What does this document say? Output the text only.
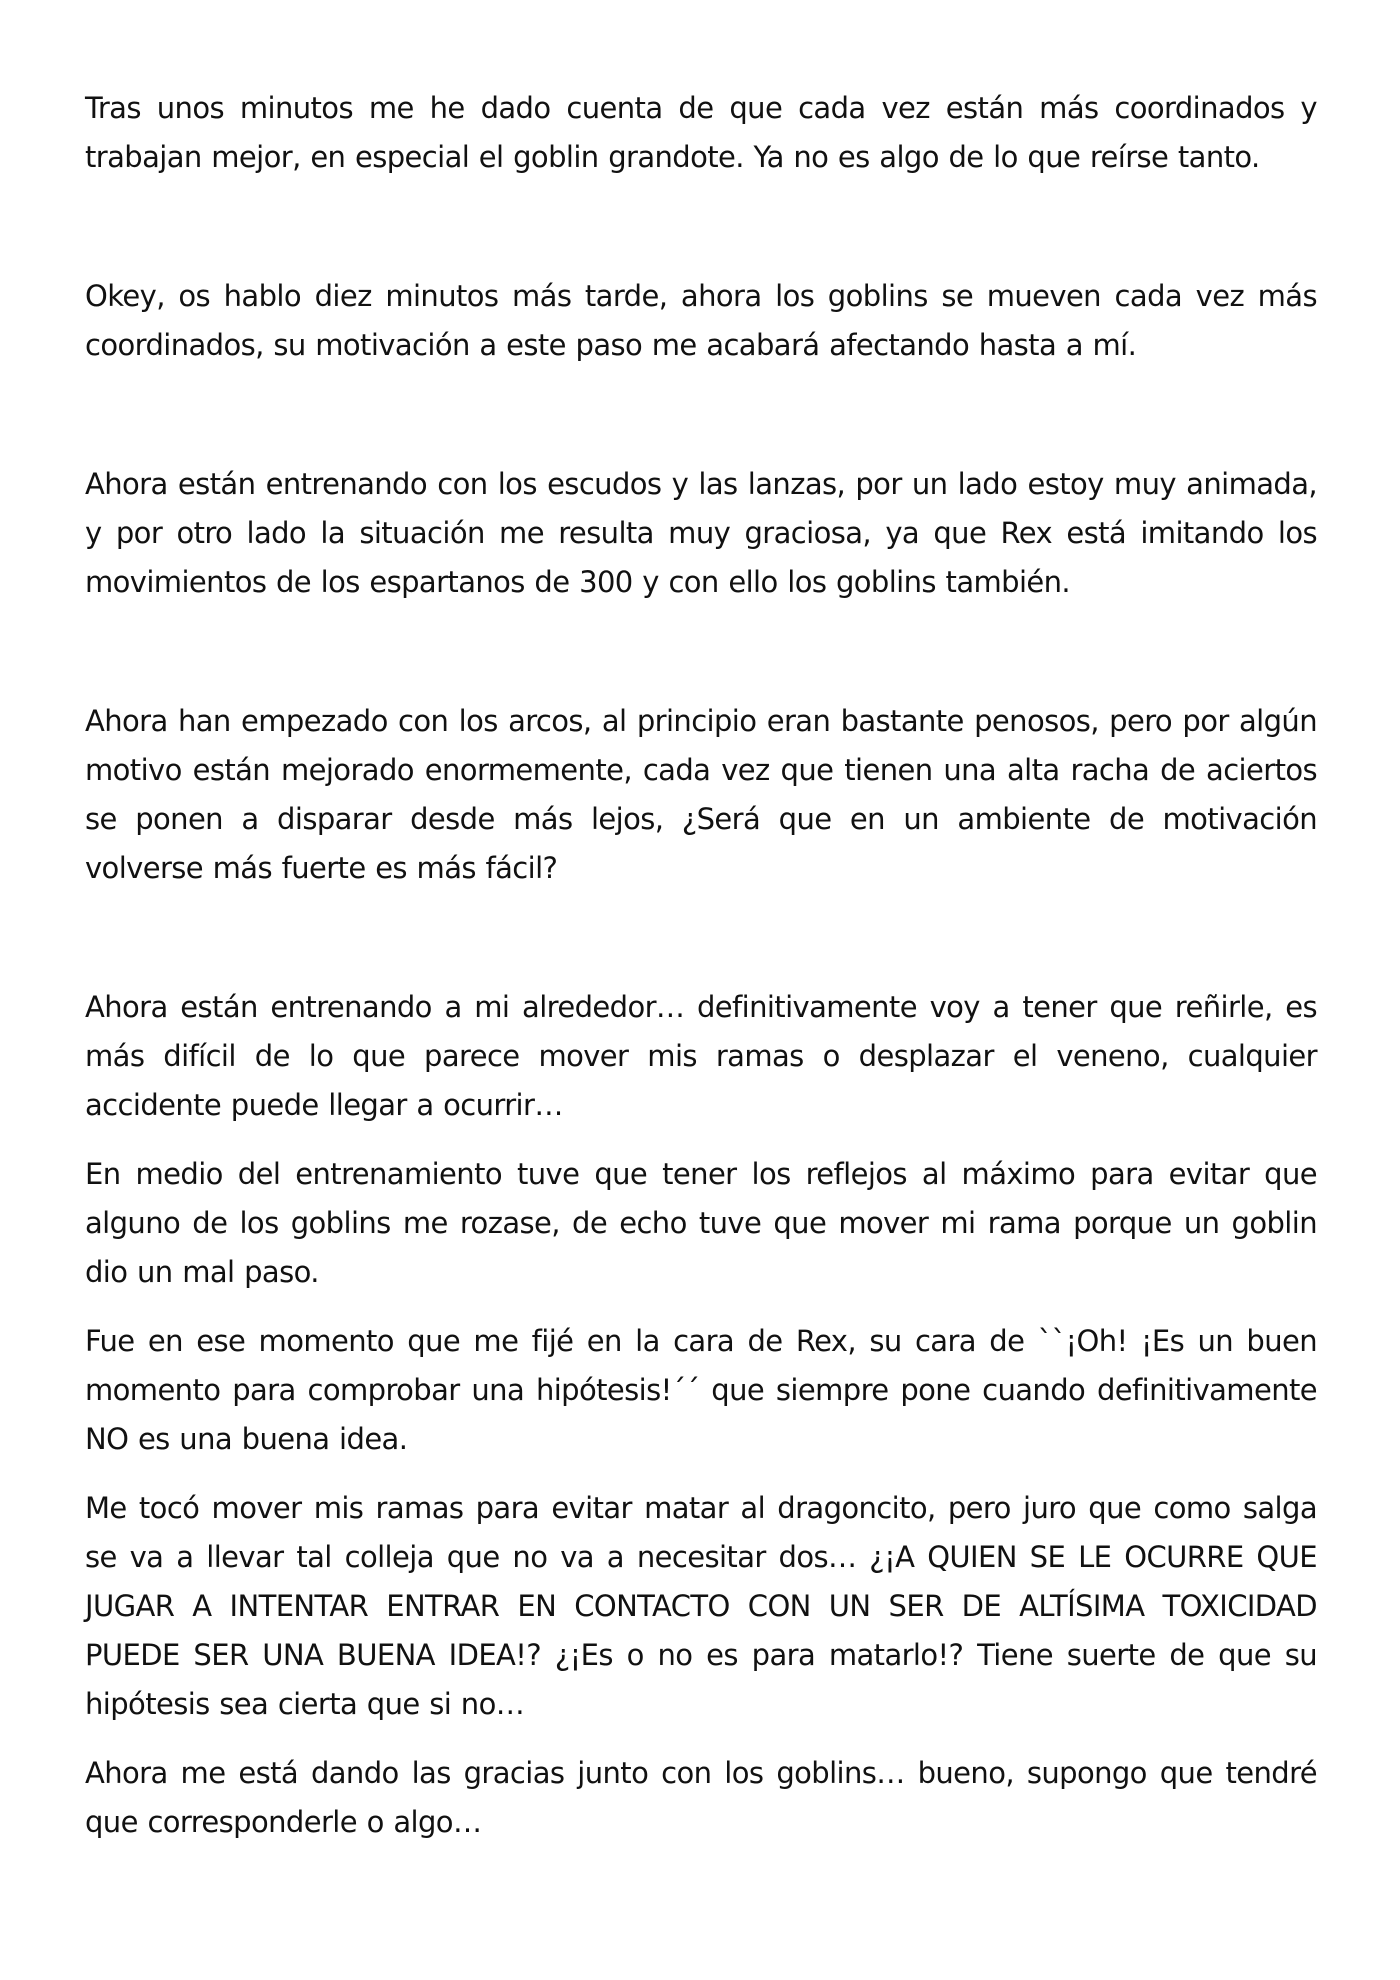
Tras unos minutos me he dado cuenta de que cada vez están más coordinados y trabajan mejor, en especial el goblin grandote. Ya no es algo de lo que reírse tanto.

Okey, os hablo diez minutos más tarde, ahora los goblins se mueven cada vez más coordinados, su motivación a este paso me acabará afectando hasta a mí.

Ahora están entrenando con los escudos y las lanzas, por un lado estoy muy animada, y por otro lado la situación me resulta muy graciosa, ya que Rex está imitando los movimientos de los espartanos de 300 y con ello los goblins también.

Ahora han empezado con los arcos, al principio eran bastante penosos, pero por algún motivo están mejorado enormemente, cada vez que tienen una alta racha de aciertos se ponen a disparar desde más lejos, ¿Será que en un ambiente de motivación volverse más fuerte es más fácil?

Ahora están entrenando a mi alrededor… definitivamente voy a tener que reñirle, es más difícil de lo que parece mover mis ramas o desplazar el veneno, cualquier accidente puede llegar a ocurrir…

En medio del entrenamiento tuve que tener los reflejos al máximo para evitar que alguno de los goblins me rozase, de echo tuve que mover mi rama porque un goblin dio un mal paso.

Fue en ese momento que me fijé en la cara de Rex, su cara de ``¡Oh! ¡Es un buen momento para comprobar una hipótesis!´´ que siempre pone cuando definitivamente NO es una buena idea.

Me tocó mover mis ramas para evitar matar al dragoncito, pero juro que como salga se va a llevar tal colleja que no va a necesitar dos… ¿¡A QUIEN SE LE OCURRE QUE JUGAR A INTENTAR ENTRAR EN CONTACTO CON UN SER DE ALTÍSIMA TOXICIDAD PUEDE SER UNA BUENA IDEA!? ¿¡Es o no es para matarlo!? Tiene suerte de que su hipótesis sea cierta que si no…

Ahora me está dando las gracias junto con los goblins… bueno, supongo que tendré que corresponderle o algo…
